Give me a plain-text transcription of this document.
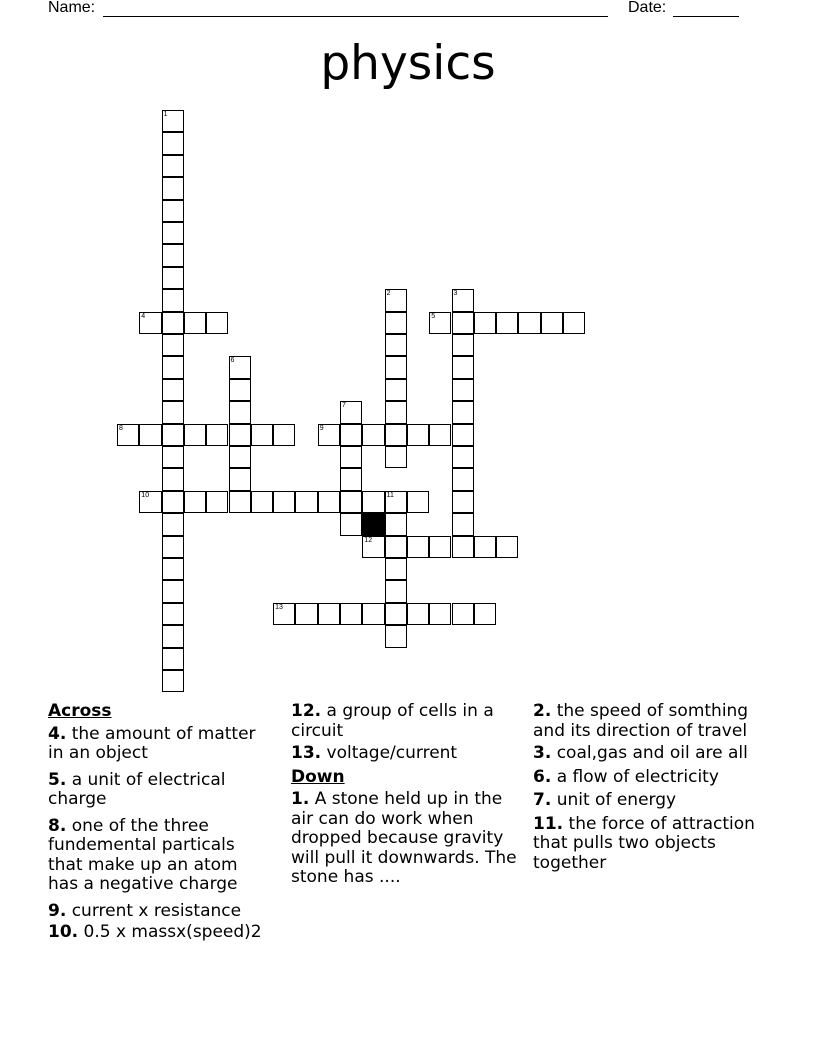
Name:	Date:
physics
1
2	3
6
7
11
4	5
8	9
10
12
13
Across
4. the amount of matter in an object
5. a unit of electrical charge
8. one of the three fundemental particals that make up an atom has a negative charge
9. current x resistance
10. 0.5 x massx(speed)2
12. a group of cells in a circuit
13. voltage/current
Down
1. A stone held up in the air can do work when dropped because gravity will pull it downwards. The stone has ....
2. the speed of somthing and its direction of travel
3. coal,gas and oil are all
6. a flow of electricity
7. unit of energy
11. the force of attraction that pulls two objects together
